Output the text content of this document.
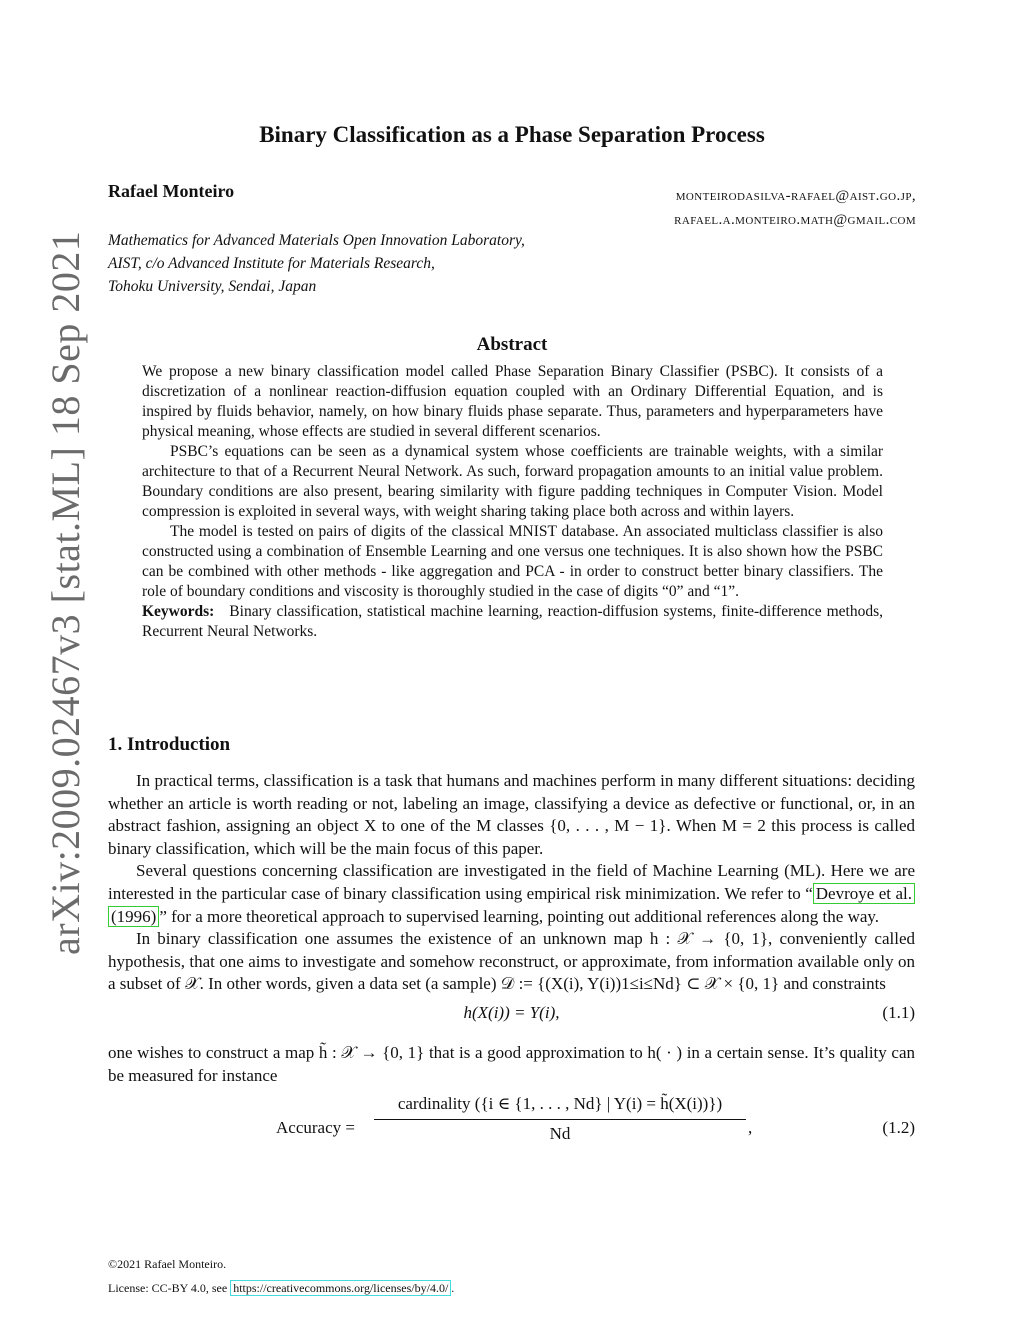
arXiv:2009.02467v3 [stat.ML] 18 Sep 2021
Binary Classification as a Phase Separation Process
Rafael Monteiro	monteirodasilva-rafael@aist.go.jp,
rafael.a.monteiro.math@gmail.com
Mathematics for Advanced Materials Open Innovation Laboratory,
AIST, c/o Advanced Institute for Materials Research,
Tohoku University, Sendai, Japan
Abstract

We propose a new binary classification model called Phase Separation Binary Classifier (PSBC). It consists of a discretization of a nonlinear reaction-diffusion equation coupled with an Ordinary Differential Equation, and is inspired by fluids behavior, namely, on how binary fluids phase separate. Thus, parameters and hyperparameters have physical meaning, whose effects are studied in several different scenarios.

PSBC’s equations can be seen as a dynamical system whose coefficients are trainable weights, with a similar architecture to that of a Recurrent Neural Network. As such, forward propagation amounts to an initial value problem. Boundary conditions are also present, bearing similarity with figure padding techniques in Computer Vision. Model compression is exploited in several ways, with weight sharing taking place both across and within layers.

The model is tested on pairs of digits of the classical MNIST database. An associated multiclass classifier is also constructed using a combination of Ensemble Learning and one versus one techniques. It is also shown how the PSBC can be combined with other methods - like aggregation and PCA - in order to construct better binary classifiers. The role of boundary conditions and viscosity is thoroughly studied in the case of digits “0” and “1”.

Keywords: Binary classification, statistical machine learning, reaction-diffusion systems, finite-difference methods, Recurrent Neural Networks.

1. Introduction

In practical terms, classification is a task that humans and machines perform in many different situations: deciding whether an article is worth reading or not, labeling an image, classifying a device as defective or functional, or, in an abstract fashion, assigning an object X to one of the M classes {0, . . . , M − 1}. When M = 2 this process is called binary classification, which will be the main focus of this paper.

Several questions concerning classification are investigated in the field of Machine Learning (ML). Here we are interested in the particular case of binary classification using empirical risk minimization. We refer to “ Devroye et al. (1996) ” for a more theoretical approach to supervised learning, pointing out additional references along the way.

In binary classification one assumes the existence of an unknown map h : 𝒳 → {0, 1}, conveniently called hypothesis, that one aims to investigate and somehow reconstruct, or approximate, from information available only on a subset of 𝒳. In other words, given a data set (a sample) 𝒟 := {(X(i), Y(i))1≤i≤Nd} ⊂ 𝒳 × {0, 1} and constraints

h(X(i)) = Y(i),	(1.1)

one wishes to construct a map h̃ : 𝒳 → {0, 1} that is a good approximation to h( · ) in a certain sense. It’s quality can be measured for instance

Accuracy =
cardinality ({i ∈ {1, . . . , Nd} | Y(i) = h̃(X(i))})
Nd	,	(1.2)
©2021 Rafael Monteiro.
License: CC-BY 4.0, see https://creativecommons.org/licenses/by/4.0/ .
